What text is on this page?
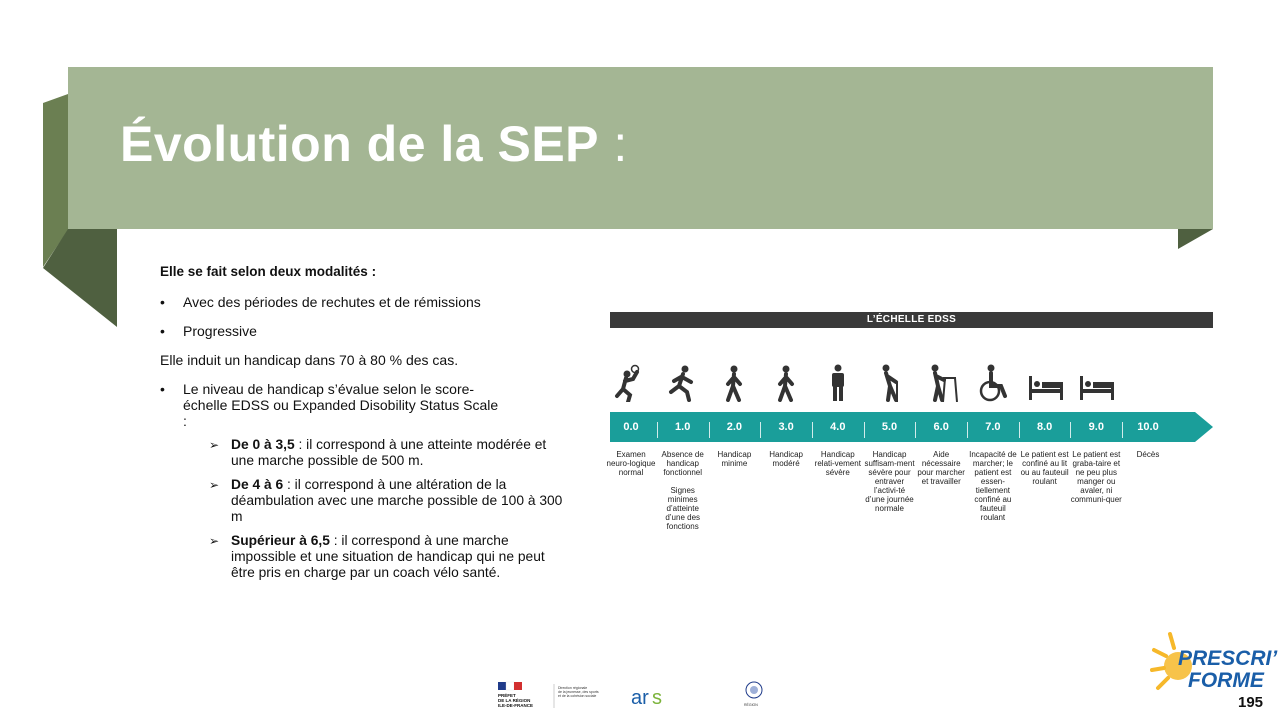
Évolution de la SEP :
Elle se fait selon deux modalités :
• Avec des périodes de rechutes et de rémissions
• Progressive
Elle induit un handicap dans 70 à 80 % des cas.
• Le niveau de handicap s’évalue selon le score-échelle EDSS ou Expanded Disobility Status Scale :
➢ De 0 à 3,5 : il correspond à une atteinte modérée et une marche possible de 500 m.
➢ De 4 à 6 : il correspond à une altération de la déambulation avec une marche possible de 100 à 300 m
➢ Supérieur à 6,5 : il correspond à une marche impossible et une situation de handicap qui ne peut être pris en charge par un coach vélo santé.
L’ÉCHELLE EDSS
0.0
Examen neuro-logique normal
1.0
Absence de handicap fonctionnel

Signes minimes d’atteinte d’une des fonctions
2.0
Handicap minime
3.0
Handicap modéré
4.0
Handicap relati-vement sévère
5.0
Handicap suffisam-ment sévère pour entraver l’activi-té d’une journée normale
6.0
Aide nécessaire pour marcher et travailler
7.0
Incapacité de marcher; le patient est essen-tiellement confiné au fauteuil roulant
8.0
Le patient est confiné au lit ou au fauteuil roulant
9.0
Le patient est graba-taire et ne peu plus manger ou avaler, ni communi-quer
10.0
Décès
PRÉFET
DE LA RÉGION
ILE-DE-FRANCE
Direction régionale
de la jeunesse, des sports
et de la cohésion sociale ar s	RÉGION
PRESCRI’
FORME
195
